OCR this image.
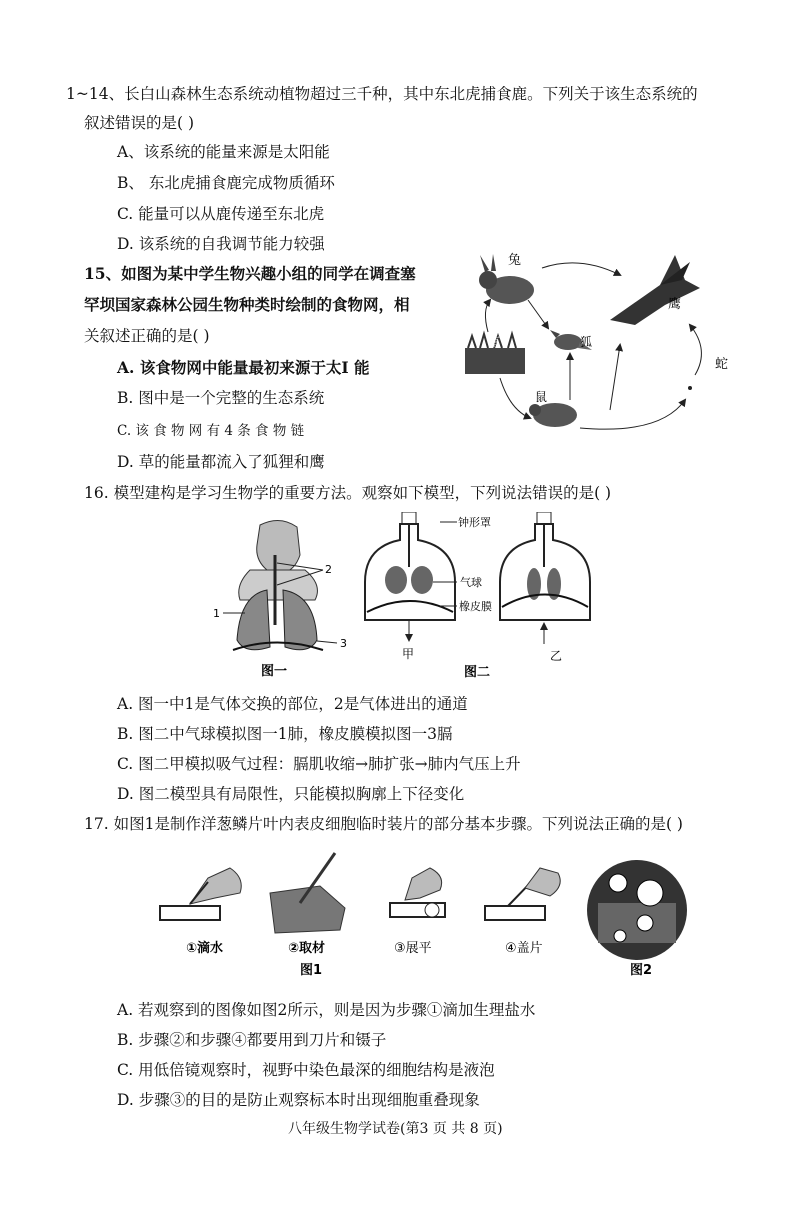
1~14、长白山森林生态系统动植物超过三千种，其中东北虎捕食鹿。下列关于该生态系统的
叙述错误的是( )
A、该系统的能量来源是太阳能
B、 东北虎捕食鹿完成物质循环
C. 能量可以从鹿传递至东北虎
D. 该系统的自我调节能力较强
15、如图为某中学生物兴趣小组的同学在调查塞
罕坝国家森林公园生物种类时绘制的食物网，相
关叙述正确的是( )
A. 该食物网中能量最初来源于太I 能
B. 图中是一个完整的生态系统
C. 该 食 物 网 有 4 条 食 物 链
D. 草的能量都流入了狐狸和鹰
兔
鹰
狐
草
鼠
蛇
16. 模型建构是学习生物学的重要方法。观察如下模型，下列说法错误的是( )
1
2
3
图一
甲	乙
钟形罩
气球
橡皮膜
图二
A. 图一中1是气体交换的部位，2是气体进出的通道
B. 图二中气球模拟图一1肺，橡皮膜模拟图一3膈
C. 图二甲模拟吸气过程：膈肌收缩→肺扩张→肺内气压上升
D. 图二模型具有局限性，只能模拟胸廓上下径变化
17. 如图1是制作洋葱鳞片叶内表皮细胞临时装片的部分基本步骤。下列说法正确的是( )
①滴水	②取材	③展平	④盖片
图1	图2
A. 若观察到的图像如图2所示，则是因为步骤①滴加生理盐水
B. 步骤②和步骤④都要用到刀片和镊子
C. 用低倍镜观察时，视野中染色最深的细胞结构是液泡
D. 步骤③的目的是防止观察标本时出现细胞重叠现象
八年级生物学试卷(第3 页 共 8 页)
